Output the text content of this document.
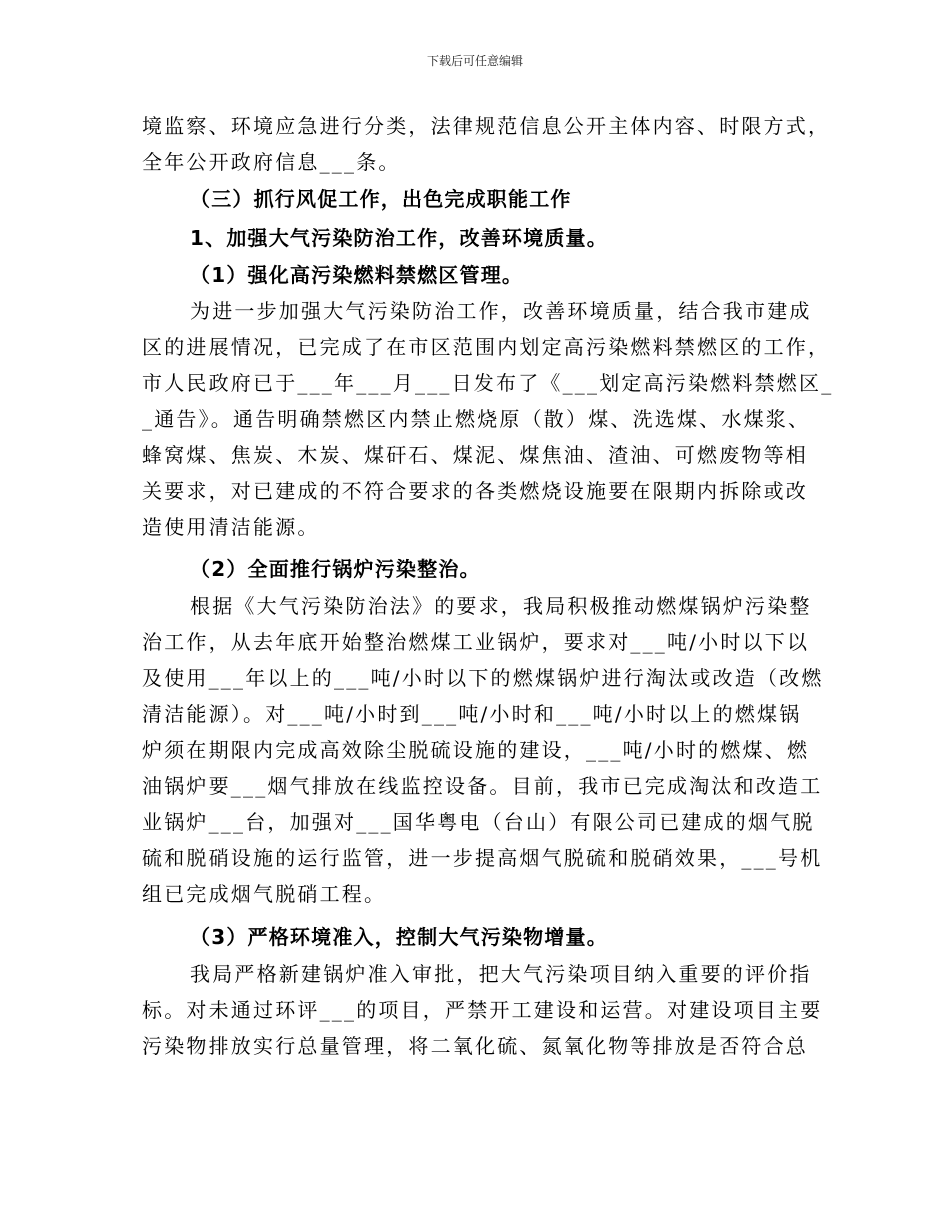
下载后可任意编辑
境监察、环境应急进行分类，法律规范信息公开主体内容、时限方式，
全年公开政府信息___条。
（三）抓行风促工作，出色完成职能工作
1、加强大气污染防治工作，改善环境质量。
（1）强化高污染燃料禁燃区管理。
为进一步加强大气污染防治工作，改善环境质量，结合我市建成
区的进展情况，已完成了在市区范围内划定高污染燃料禁燃区的工作，
市人民政府已于___年___月___日发布了《___划定高污染燃料禁燃区_
_通告》。通告明确禁燃区内禁止燃烧原（散）煤、洗选煤、水煤浆、
蜂窝煤、焦炭、木炭、煤矸石、煤泥、煤焦油、渣油、可燃废物等相
关要求，对已建成的不符合要求的各类燃烧设施要在限期内拆除或改
造使用清洁能源。
（2）全面推行锅炉污染整治。
根据《大气污染防治法》的要求，我局积极推动燃煤锅炉污染整
治工作，从去年底开始整治燃煤工业锅炉，要求对___吨/小时以下以
及使用___年以上的___吨/小时以下的燃煤锅炉进行淘汰或改造（改燃
清洁能源）。对___吨/小时到___吨/小时和___吨/小时以上的燃煤锅
炉须在期限内完成高效除尘脱硫设施的建设，___吨/小时的燃煤、燃
油锅炉要___烟气排放在线监控设备。目前，我市已完成淘汰和改造工
业锅炉___台，加强对___国华粤电（台山）有限公司已建成的烟气脱
硫和脱硝设施的运行监管，进一步提高烟气脱硫和脱硝效果，___号机
组已完成烟气脱硝工程。
（3）严格环境准入，控制大气污染物增量。
我局严格新建锅炉准入审批，把大气污染项目纳入重要的评价指
标。对未通过环评___的项目，严禁开工建设和运营。对建设项目主要
污染物排放实行总量管理，将二氧化硫、氮氧化物等排放是否符合总
